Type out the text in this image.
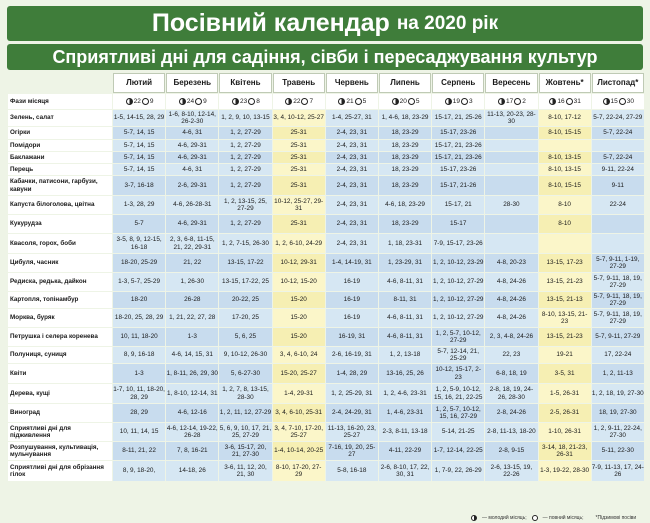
Посівний календар на 2020 рік
Сприятливі дні для садіння, сівби і пересаджування культур
	Лютий	Березень	Квітень	Травень	Червень	Липень	Серпень	Вересень	Жовтень*	Листопад*
Фази місяця	22 9	24 9	23 8	22 7	21 5	20 5	19 3	17 2	16 31	15 30
Зелень, салат	1-5, 14-15, 28, 29	1-6, 8-10, 12-14, 26-2-30	1, 2, 9, 10, 13-15	3, 4, 10-12, 25-27	1-4, 25-27, 31	1, 4-6, 18, 23-29	15-17, 21, 25-26	11-13, 20-23, 28-30	8-10, 17-12	5-7, 22-24, 27-29
Огірки	5-7, 14, 15	4-6, 31	1, 2, 27-29	25-31	2-4, 23, 31	18, 23-29	15-17, 23-26		8-10, 15-15	5-7, 22-24
Помідори	5-7, 14, 15	4-6, 29-31	1, 2, 27-29	25-31	2-4, 23, 31	18, 23-29	15-17, 21, 23-26			
Баклажани	5-7, 14, 15	4-6, 29-31	1, 2, 27-29	25-31	2-4, 23, 31	18, 23-29	15-17, 21, 23-26		8-10, 13-15	5-7, 22-24
Перець	5-7, 14, 15	4-6, 31	1, 2, 27-29	25-31	2-4, 23, 31	18, 23-29	15-17, 23-26		8-10, 13-15	9-11, 22-24
Кабачки, патисони, гарбузи, кавуни	3-7, 16-18	2-6, 29-31	1, 2, 27-29	25-31	2-4, 23, 31	18, 23-29	15-17, 21-26		8-10, 15-15	9-11
Капуста білоголова, цвітна	1-3, 28, 29	4-6, 26-28-31	1, 2, 13-15, 25, 27-29	10-12, 25-27, 29-31	2-4, 23, 31	4-6, 18, 23-29	15-17, 21	28-30	8-10	22-24
Кукурудза	5-7	4-6, 29-31	1, 2, 27-29	25-31	2-4, 23, 31	18, 23-29	15-17		8-10	
Квасоля, горох, боби	3-5, 8, 9, 12-15, 16-18	2, 3, 6-8, 11-15, 21, 22, 29-31	1, 2, 7-15, 26-30	1, 2, 6-10, 24-29	2-4, 23, 31	1, 18, 23-31	7-9, 15-17, 23-26			
Цибуля, часник	18-20, 25-29	21, 22	13-15, 17-22	10-12, 29-31	1-4, 14-19, 31	1, 23-29, 31	1, 2, 10-12, 23-29	4-8, 20-23	13-15, 17-23	5-7, 9-11, 1-19, 27-29
Редиска, редька, дайкон	1-3, 5-7, 25-29	1, 26-30	13-15, 17-22, 25	10-12, 15-20	16-19	4-6, 8-11, 31	1, 2, 10-12, 27-29	4-8, 24-26	13-15, 21-23	5-7, 9-11, 18, 19, 27-29
Картопля, топінамбур	18-20	26-28	20-22, 25	15-20	16-19	8-11, 31	1, 2, 10-12, 27-29	4-8, 24-26	13-15, 21-13	5-7, 9-11, 18, 19, 27-29
Морква, буряк	18-20, 25, 28, 29	1, 21, 22, 27, 28	17-20, 25	15-20	16-19	4-6, 8-11, 31	1, 2, 10-12, 27-29	4-8, 24-26	8-10, 13-15, 21-23	5-7, 9-11, 18, 19, 27-29
Петрушка і селера коренева	10, 11, 18-20	1-3	5, 6, 25	15-20	16-19, 31	4-6, 8-11, 31	1, 2, 5-7, 10-12, 27-29	2, 3, 4-8, 24-26	13-15, 21-23	5-7, 9-11, 27-29
Полуниця, суниця	8, 9, 16-18	4-6, 14, 15, 31	9, 10-12, 26-30	3, 4, 6-10, 24	2-6, 16-19, 31	1, 2, 13-18	5-7, 12-14, 21, 25-29	22, 23	19-21	17, 22-24
Квіти	1-3	1, 8-11, 26, 29, 30	5, 6-27-30	15-20, 25-27	1-4, 28, 29	13-16, 25, 26	10-12, 15-17, 2-23	6-8, 18, 19	3-5, 31	1, 2, 11-13
Дерева, кущі	1-7, 10, 11, 18-20, 28, 29	1, 8-10, 12-14, 31	1, 2, 7, 8, 13-15, 28-30	1-4, 29-31	1, 2, 25-29, 31	1, 2, 4-6, 23-31	1, 2, 5-9, 10-12, 15, 16, 21, 22-25	2-8, 18, 19, 24-26, 28-30	1-5, 26-31	1, 2, 18, 19, 27-30
Виноград	28, 29	4-6, 12-16	1, 2, 11, 12, 27-29	3, 4, 6-10, 25-31	2-4, 24-29, 31	1, 4-6, 23-31	1, 2, 5-7, 10-12, 15, 16, 27-29	2-8, 24-26	2-5, 26-31	18, 19, 27-30
Сприятливі дні для підживлення	10, 11, 14, 15	4-6, 12-14, 19-22, 26-28	5, 6, 9, 10, 17, 21, 25, 27-29	3, 4, 7-10, 17-20, 25-27	11-13, 16-20, 23, 25-27	2-3, 8-11, 13-18	5-14, 21-25	2-8, 11-13, 18-20	1-10, 26-31	1, 2, 9-11, 22-24, 27-30
Розпушування, культивація, мульчування	8-11, 21, 22	7, 8, 16-21	3-6, 15-17, 20, 21, 27-30	1-4, 10-14, 20-25	7-16, 19, 20, 25-27	4-11, 22-29	1-7, 12-14, 22-25	2-8, 9-15	3-14, 18, 21-23, 26-31	5-11, 22-30
Сприятливі дні для обрізання гілок	8, 9, 18-20,	14-18, 26	3-6, 11, 12, 20, 21, 30	8-10, 17-20, 27-29	5-8, 16-18	2-6, 8-10, 17, 22, 30, 31	1, 7-9, 22, 26-29	2-6, 13-15, 19, 22-26	1-3, 19-22, 28-30	7-9, 11-13, 17, 24-26
— молодий місяць;	— повний місяць; *Підзимові посіви
